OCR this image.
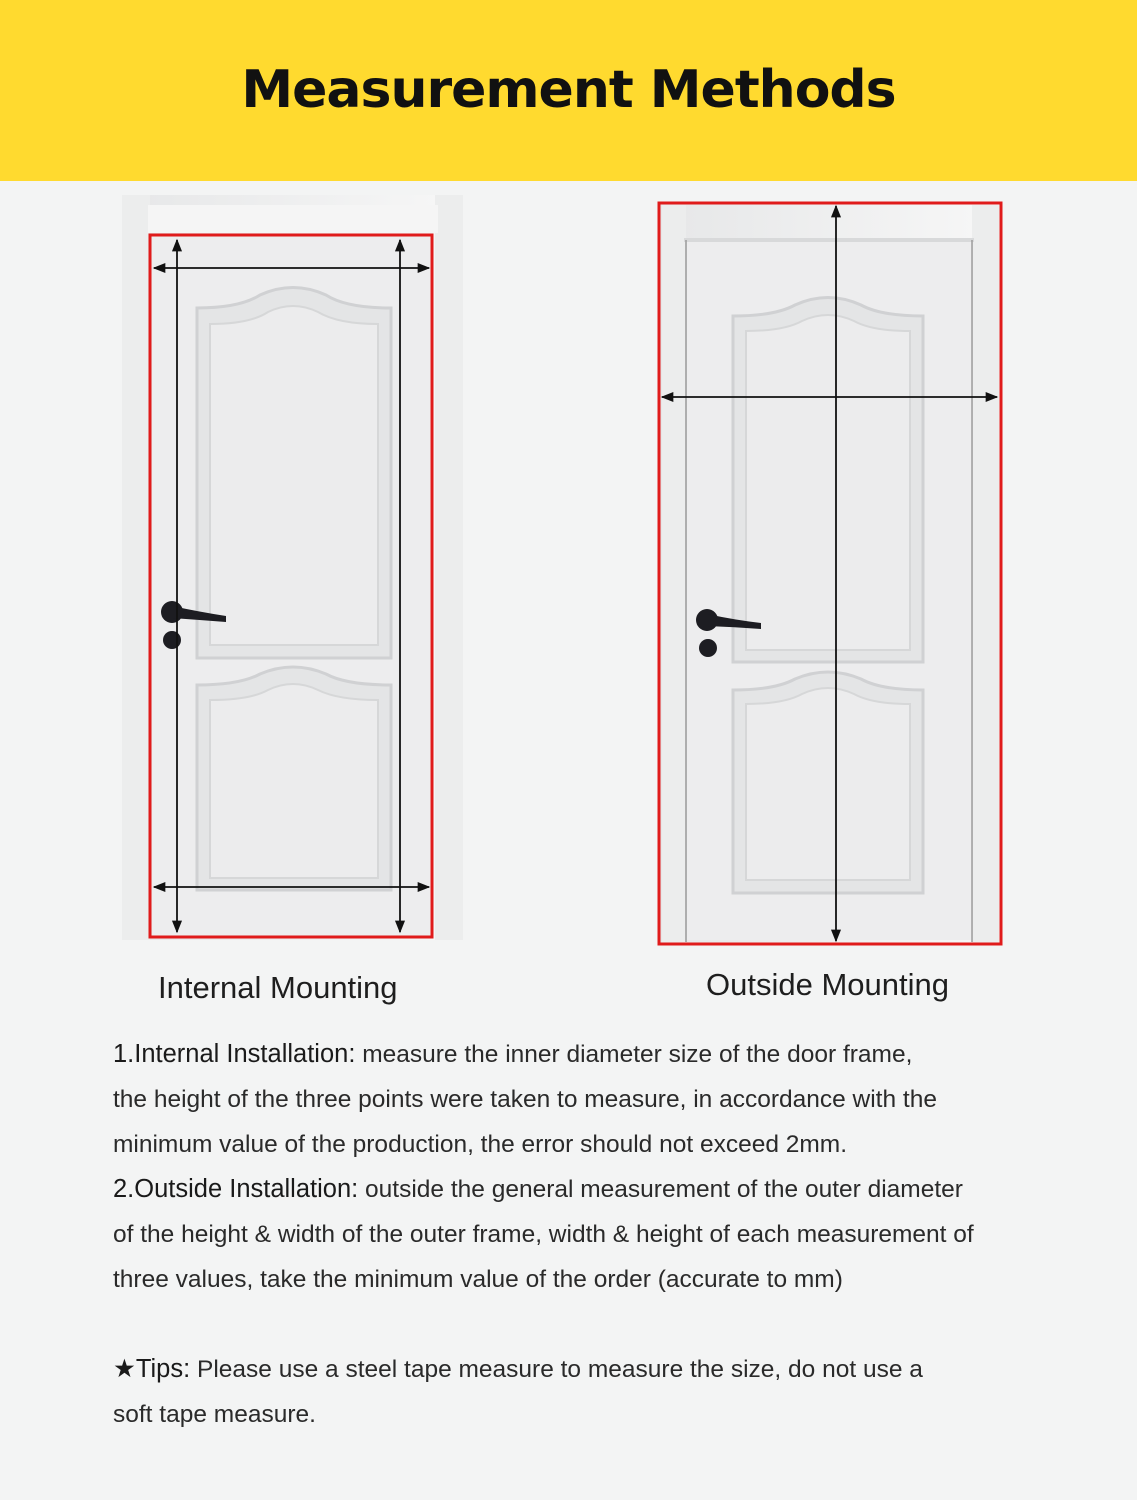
Measurement Methods
Internal Mounting	Outside Mounting

1.Internal Installation: measure the inner diameter size of the door frame,

the height of the three points were taken to measure, in accordance with the

minimum value of the production, the error should not exceed 2mm.

2.Outside Installation: outside the general measurement of the outer diameter

of the height & width of the outer frame, width & height of each measurement of

three values, take the minimum value of the order (accurate to mm)

★Tips: Please use a steel tape measure to measure the size, do not use a

soft tape measure.
